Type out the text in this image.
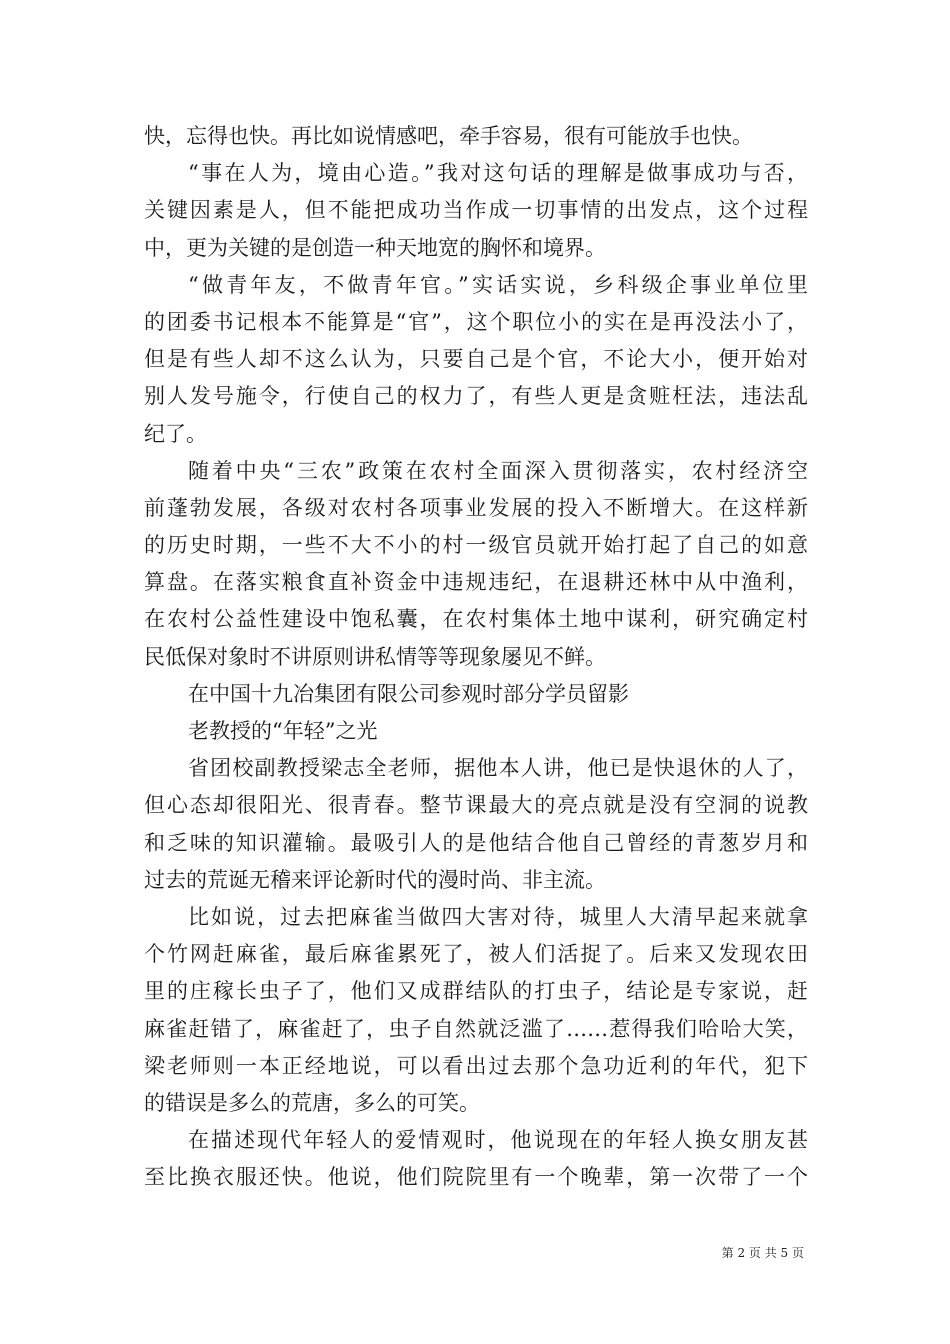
快，忘得也快。再比如说情感吧，牵手容易，很有可能放手也快。
“事在人为，境由心造。”我对这句话的理解是做事成功与否，
关键因素是人，但不能把成功当作成一切事情的出发点，这个过程
中，更为关键的是创造一种天地宽的胸怀和境界。
“做青年友，不做青年官。”实话实说，乡科级企事业单位里
的团委书记根本不能算是“官”，这个职位小的实在是再没法小了，
但是有些人却不这么认为，只要自己是个官，不论大小，便开始对
别人发号施令，行使自己的权力了，有些人更是贪赃枉法，违法乱
纪了。
随着中央“三农”政策在农村全面深入贯彻落实，农村经济空
前蓬勃发展，各级对农村各项事业发展的投入不断增大。在这样新
的历史时期，一些不大不小的村一级官员就开始打起了自己的如意
算盘。在落实粮食直补资金中违规违纪，在退耕还林中从中渔利，
在农村公益性建设中饱私囊，在农村集体土地中谋利，研究确定村
民低保对象时不讲原则讲私情等等现象屡见不鲜。
在中国十九冶集团有限公司参观时部分学员留影
老教授的“年轻”之光
省团校副教授梁志全老师，据他本人讲，他已是快退休的人了，
但心态却很阳光、很青春。整节课最大的亮点就是没有空洞的说教
和乏味的知识灌输。最吸引人的是他结合他自己曾经的青葱岁月和
过去的荒诞无稽来评论新时代的漫时尚、非主流。
比如说，过去把麻雀当做四大害对待，城里人大清早起来就拿
个竹网赶麻雀，最后麻雀累死了，被人们活捉了。后来又发现农田
里的庄稼长虫子了，他们又成群结队的打虫子，结论是专家说，赶
麻雀赶错了，麻雀赶了，虫子自然就泛滥了……惹得我们哈哈大笑，
梁老师则一本正经地说，可以看出过去那个急功近利的年代，犯下
的错误是多么的荒唐，多么的可笑。
在描述现代年轻人的爱情观时，他说现在的年轻人换女朋友甚
至比换衣服还快。他说，他们院院里有一个晚辈，第一次带了一个
第 2 页 共 5 页
